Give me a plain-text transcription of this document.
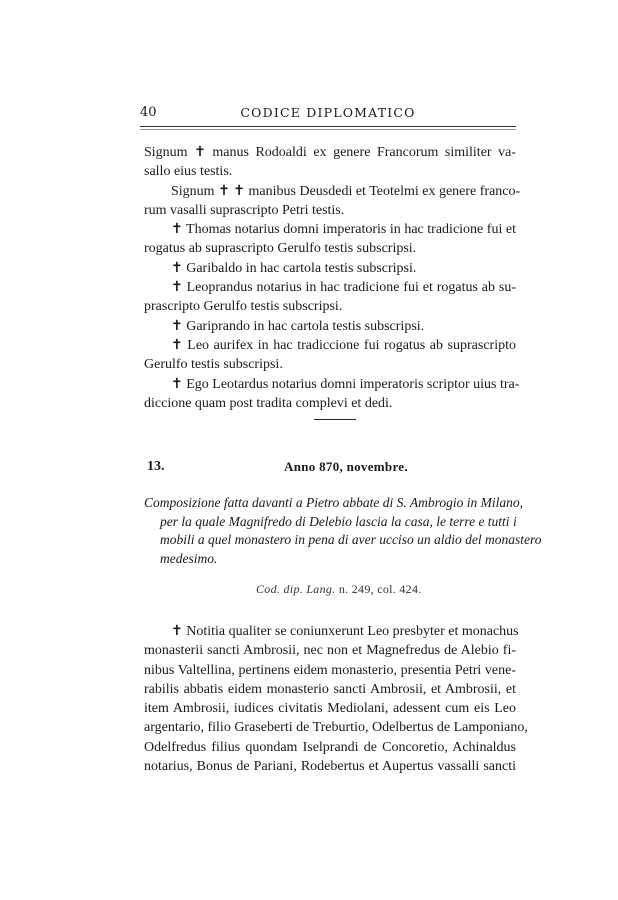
40	CODICE DIPLOMATICO
Signum ✝ manus Rodoaldi ex genere Francorum similiter va-
sallo eius testis.
Signum ✝ ✝ manibus Deusdedi et Teotelmi ex genere franco-
rum vasalli suprascripto Petri testis.
✝ Thomas notarius domni imperatoris in hac tradicione fui et
rogatus ab suprascripto Gerulfo testis subscripsi.
✝ Garibaldo in hac cartola testis subscripsi.
✝ Leoprandus notarius in hac tradicione fui et rogatus ab su-
prascripto Gerulfo testis subscripsi.
✝ Gariprando in hac cartola testis subscripsi.
✝ Leo aurifex in hac tradiccione fui rogatus ab suprascripto
Gerulfo testis subscripsi.
✝ Ego Leotardus notarius domni imperatoris scriptor uius tra-
diccione quam post tradita complevi et dedi.
13.	Anno 870, novembre.
Composizione fatta davanti a Pietro abbate di S. Ambrogio in Milano,
per la quale Magnifredo di Delebio lascia la casa, le terre e tutti i
mobili a quel monastero in pena di aver ucciso un aldio del monastero
medesimo.
Cod. dip. Lang. n. 249, col. 424.
✝ Notitia qualiter se coniunxerunt Leo presbyter et monachus
monasterii sancti Ambrosii, nec non et Magnefredus de Alebio fi-
nibus Valtellina, pertinens eidem monasterio, presentia Petri vene-
rabilis abbatis eidem monasterio sancti Ambrosii, et Ambrosii, et
item Ambrosii, iudices civitatis Mediolani, adessent cum eis Leo
argentario, filio Graseberti de Treburtio, Odelbertus de Lamponiano,
Odelfredus filius quondam Iselprandi de Concoretio, Achinaldus
notarius, Bonus de Pariani, Rodebertus et Aupertus vassalli sancti
